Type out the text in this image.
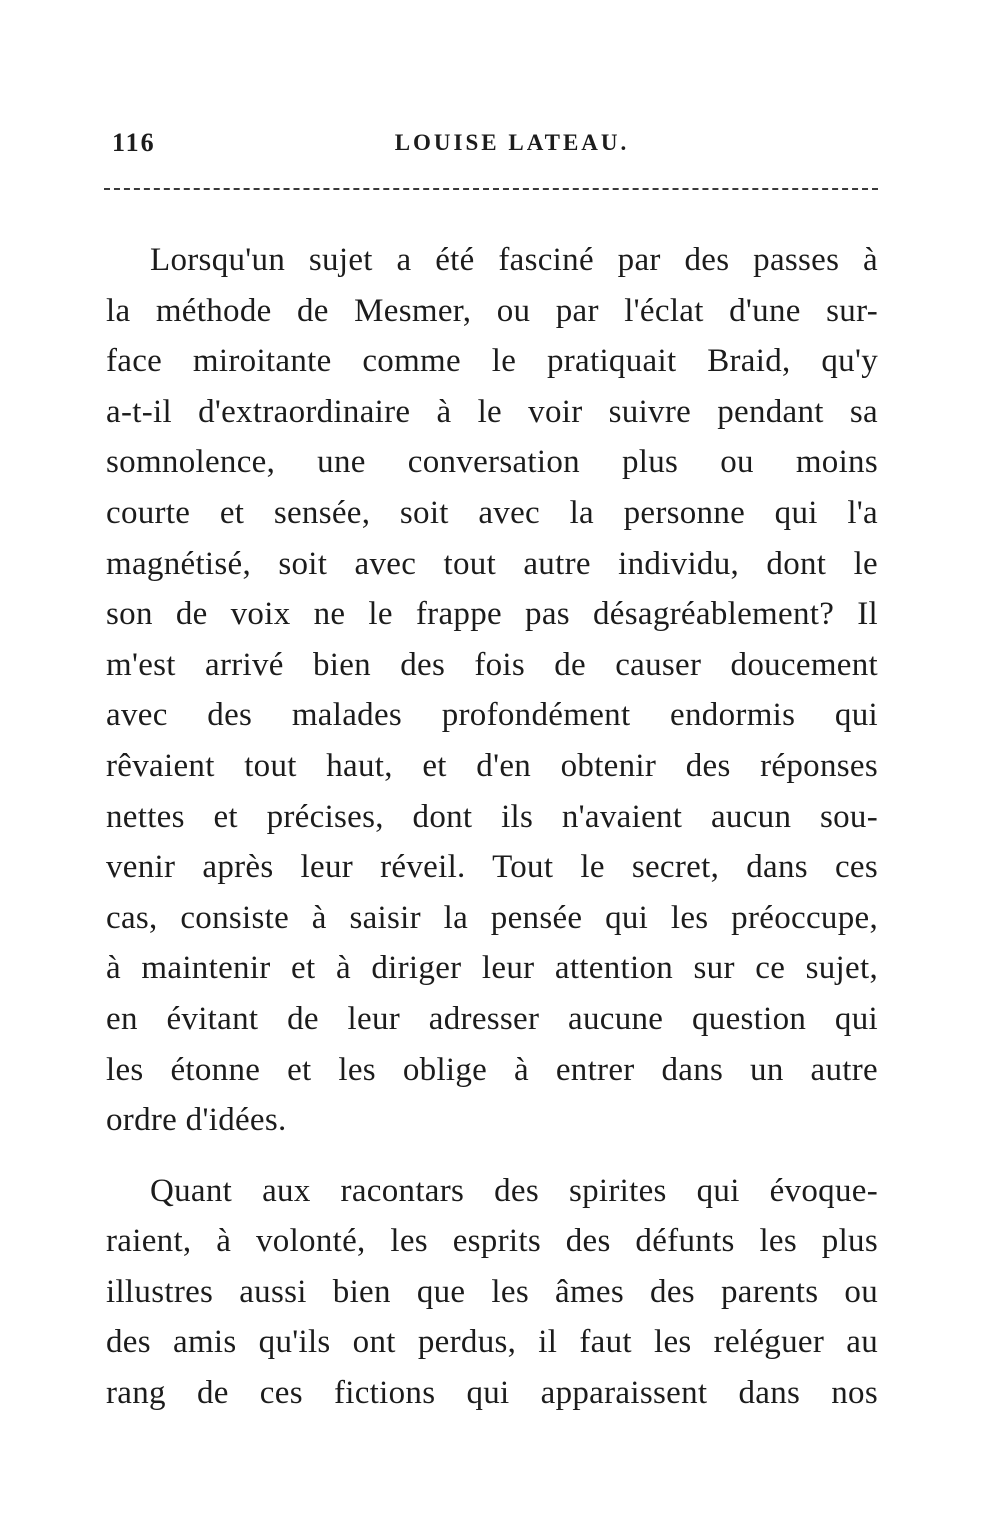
116	LOUISE LATEAU.
Lorsqu'un sujet a été fasciné par des passes à
la méthode de Mesmer, ou par l'éclat d'une sur-
face miroitante comme le pratiquait Braid, qu'y
a-t-il d'extraordinaire à le voir suivre pendant sa
somnolence, une conversation plus ou moins
courte et sensée, soit avec la personne qui l'a
magnétisé, soit avec tout autre individu, dont le
son de voix ne le frappe pas désagréablement? Il
m'est arrivé bien des fois de causer doucement
avec des malades profondément endormis qui
rêvaient tout haut, et d'en obtenir des réponses
nettes et précises, dont ils n'avaient aucun sou-
venir après leur réveil. Tout le secret, dans ces
cas, consiste à saisir la pensée qui les préoccupe,
à maintenir et à diriger leur attention sur ce sujet,
en évitant de leur adresser aucune question qui
les étonne et les oblige à entrer dans un autre
ordre d'idées.
Quant aux racontars des spirites qui évoque-
raient, à volonté, les esprits des défunts les plus
illustres aussi bien que les âmes des parents ou
des amis qu'ils ont perdus, il faut les reléguer au
rang de ces fictions qui apparaissent dans nos
